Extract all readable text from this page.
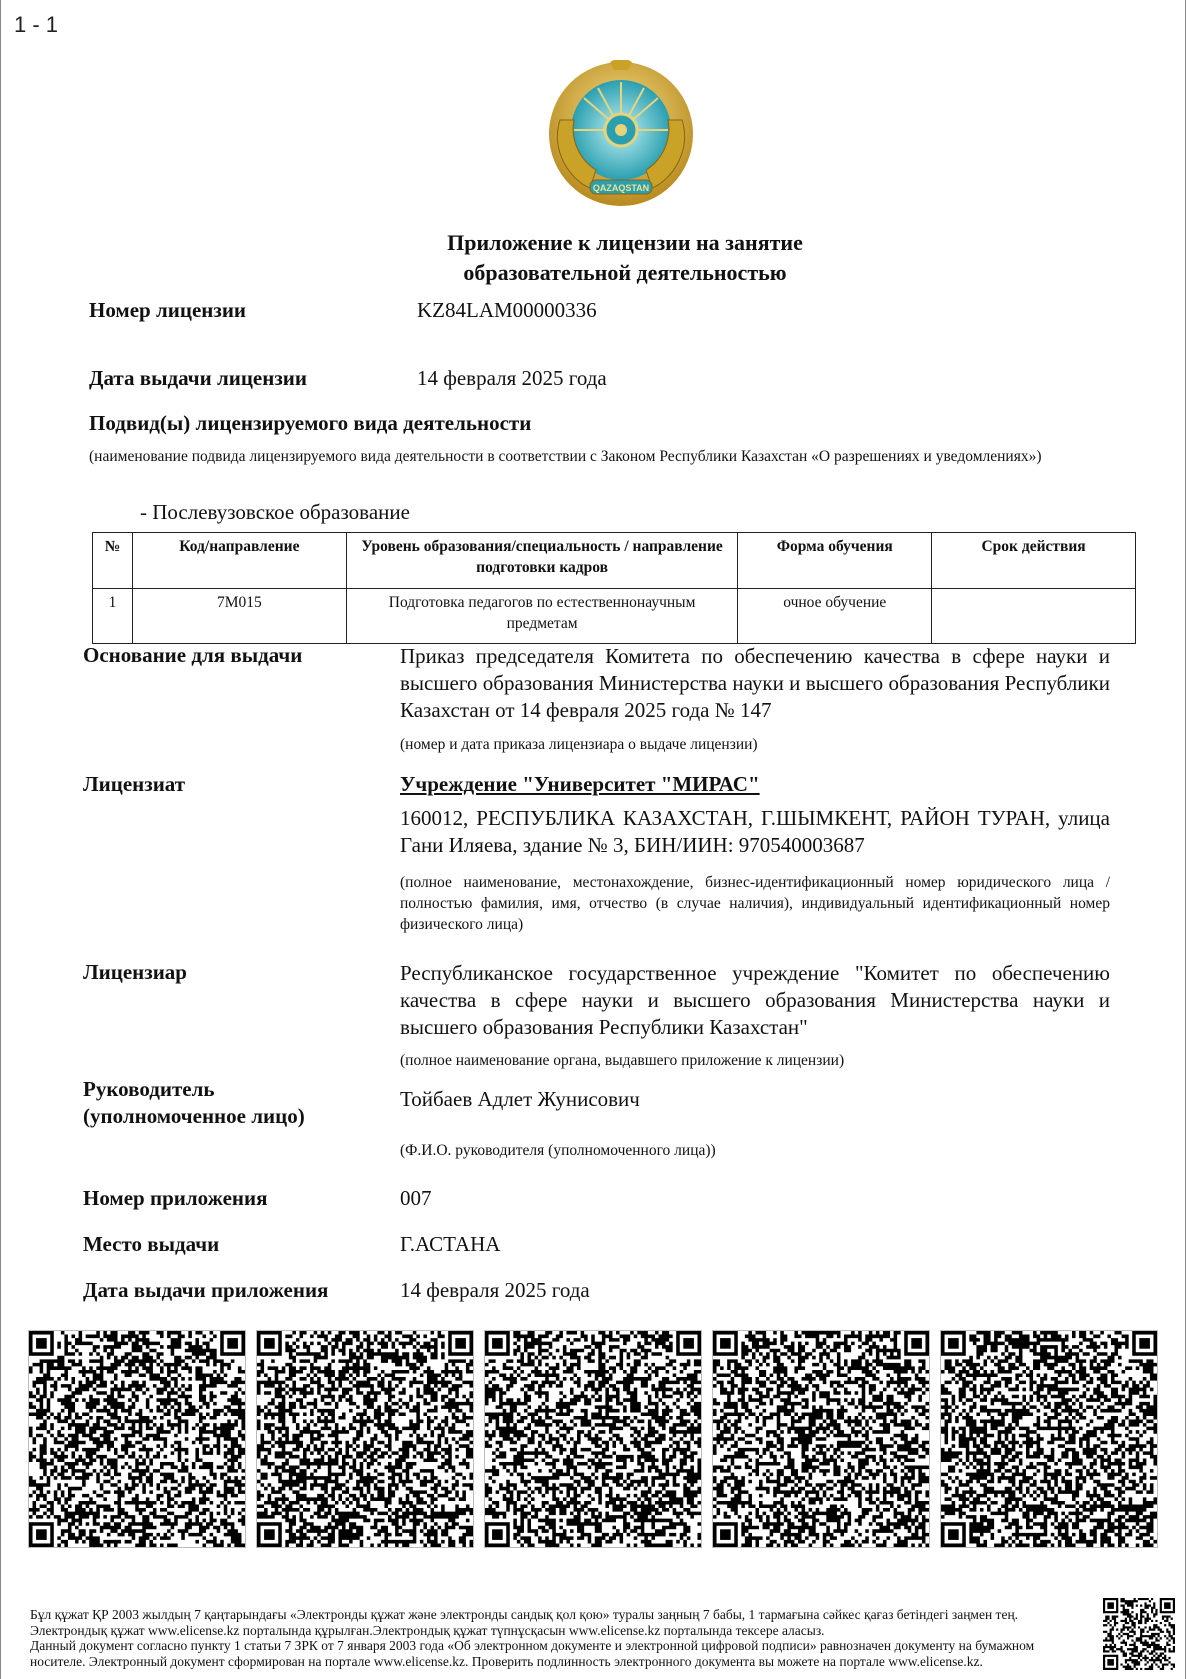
1 - 1
QAZAQSTAN
Приложение к лицензии на занятие
образовательной деятельностью
Номер лицензии	KZ84LAM00000336
Дата выдачи лицензии	14 февраля 2025 года
Подвид(ы) лицензируемого вида деятельности
(наименование подвида лицензируемого вида деятельности в соответствии с Законом Республики Казахстан «О разрешениях и уведомлениях»)
- Послевузовское образование
№	Код/направление	Уровень образования/специальность / направление подготовки кадров	Форма обучения	Срок действия
1	7M015	Подготовка педагогов по естественнонаучным предметам	очное обучение	
Основание для выдачи	Приказ председателя Комитета по обеспечению качества в сфере науки и высшего образования Министерства науки и высшего образования Республики Казахстан от 14 февраля 2025 года № 147
(номер и дата приказа лицензиара о выдаче лицензии)
Лицензиат	Учреждение "Университет "МИРАС"
160012, РЕСПУБЛИКА КАЗАХСТАН, Г.ШЫМКЕНТ, РАЙОН ТУРАН, улица Гани Иляева, здание № 3, БИН/ИИН: 970540003687
(полное наименование, местонахождение, бизнес-идентификационный номер юридического лица / полностью фамилия, имя, отчество (в случае наличия), индивидуальный идентификационный номер физического лица)
Лицензиар	Республиканское государственное учреждение "Комитет по обеспечению качества в сфере науки и высшего образования Министерства науки и высшего образования Республики Казахстан"
(полное наименование органа, выдавшего приложение к лицензии)
Руководитель
(уполномоченное лицо)
Тойбаев Адлет Жунисович
(Ф.И.О. руководителя (уполномоченного лица))
Номер приложения	007
Место выдачи	Г.АСТАНА
Дата выдачи приложения	14 февраля 2025 года
Бұл құжат ҚР 2003 жылдың 7 қаңтарындағы «Электронды құжат және электронды сандық қол қою» туралы заңның 7 бабы, 1 тармағына сәйкес қағаз бетіндегі заңмен тең.
Электрондық құжат www.elicense.kz порталында құрылған.Электрондық құжат түпнұсқасын www.elicense.kz порталында тексере аласыз.
Данный документ согласно пункту 1 статьи 7 ЗРК от 7 января 2003 года «Об электронном документе и электронной цифровой подписи» равнозначен документу на бумажном
носителе. Электронный документ сформирован на портале www.elicense.kz. Проверить подлинность электронного документа вы можете на портале www.elicense.kz.
